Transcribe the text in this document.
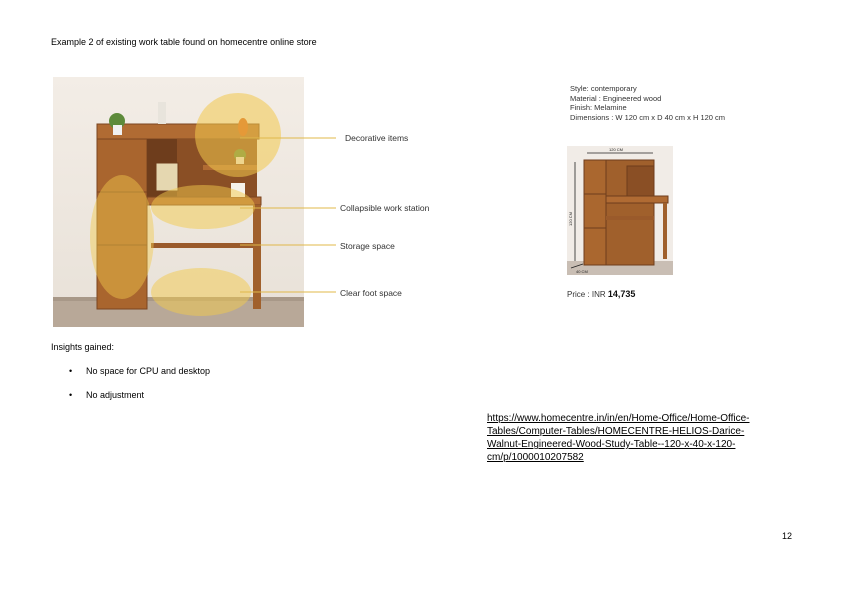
Example 2 of existing work table found on homecentre online store
Decorative items
Collapsible work station
Storage space
Clear foot space
Style: contemporary
Material : Engineered wood
Finish: Melamine
Dimensions : W 120 cm x D 40 cm x H 120 cm
120 CM
120 CM
40 CM
Price : INR 14,735
Insights gained:
• No space for CPU and desktop
• No adjustment
https://www.homecentre.in/in/en/Home-Office/Home-Office-Tables/Computer-Tables/HOMECENTRE-HELIOS-Darice-Walnut-Engineered-Wood-Study-Table--120-x-40-x-120-cm/p/1000010207582
12
